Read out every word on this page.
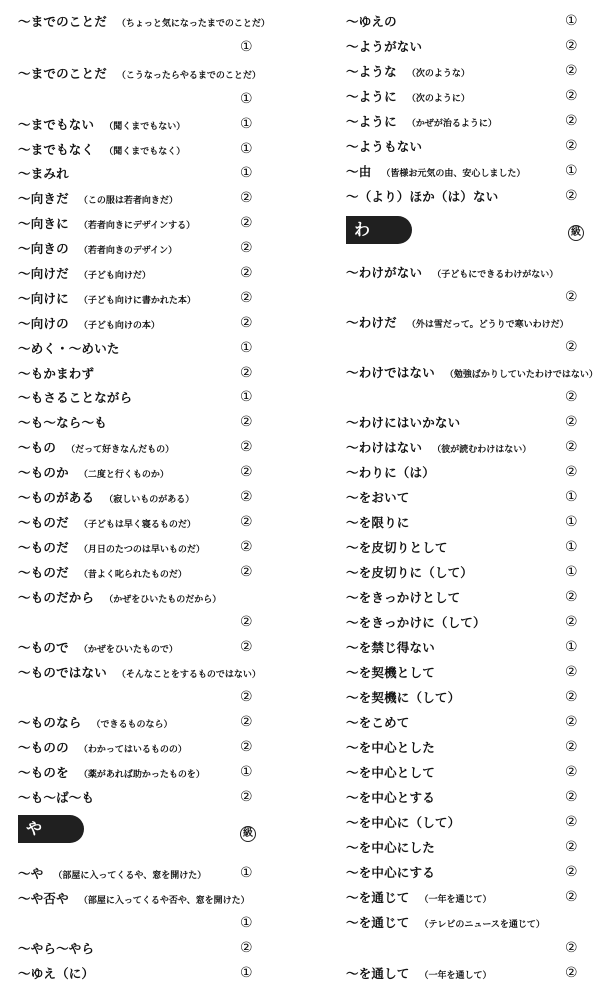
や	級
～までのことだ （ちょっと気になったまでのことだ）
①
～までのことだ （こうなったらやるまでのことだ）
①
～までもない （聞くまでもない）	①
～までもなく （聞くまでもなく）	①
～まみれ	①
～向きだ （この服は若者向きだ）	②
～向きに （若者向きにデザインする）	②
～向きの （若者向きのデザイン）	②
～向けだ （子ども向けだ）	②
～向けに （子ども向けに書かれた本）	②
～向けの （子ども向けの本）	②
～めく・～めいた	①
～もかまわず	②
～もさることながら	①
～も～なら～も	②
～もの （だって好きなんだもの）	②
～ものか （二度と行くものか）	②
～ものがある （寂しいものがある）	②
～ものだ （子どもは早く寝るものだ）	②
～ものだ （月日のたつのは早いものだ）	②
～ものだ （昔よく叱られたものだ）	②
～ものだから （かぜをひいたものだから）
②
～もので （かぜをひいたもので）	②
～ものではない （そんなことをするものではない）
②
～ものなら （できるものなら）	②
～ものの （わかってはいるものの）	②
～ものを （薬があれば助かったものを）	①
～も～ば～も	②
～や （部屋に入ってくるや、窓を開けた） ①
～や否や （部屋に入ってくるや否や、窓を開けた）
①
～やら～やら	②
～ゆえ（に）	①
わ	級
～ゆえの	①
～ようがない	②
～ような （次のような）	②
～ように （次のように）	②
～ように （かぜが治るように）	②
～ようもない	②
～由 （皆様お元気の由、安心しました）	①
～（より）ほか（は）ない	②
～わけがない （子どもにできるわけがない）
②
～わけだ （外は雪だって。どうりで寒いわけだ）
②
～わけではない （勉強ばかりしていたわけではない）
②
～わけにはいかない	②
～わけはない （彼が読むわけはない） ②
～わりに（は）	②
～をおいて	①
～を限りに	①
～を皮切りとして	①
～を皮切りに（して）	①
～をきっかけとして	②
～をきっかけに（して）	②
～を禁じ得ない	①
～を契機として	②
～を契機に（して）	②
～をこめて	②
～を中心とした	②
～を中心として	②
～を中心とする	②
～を中心に（して）	②
～を中心にした	②
～を中心にする	②
～を通じて （一年を通じて）	②
～を通じて （テレビのニュースを通じて）
②
～を通して （一年を通して）	②
